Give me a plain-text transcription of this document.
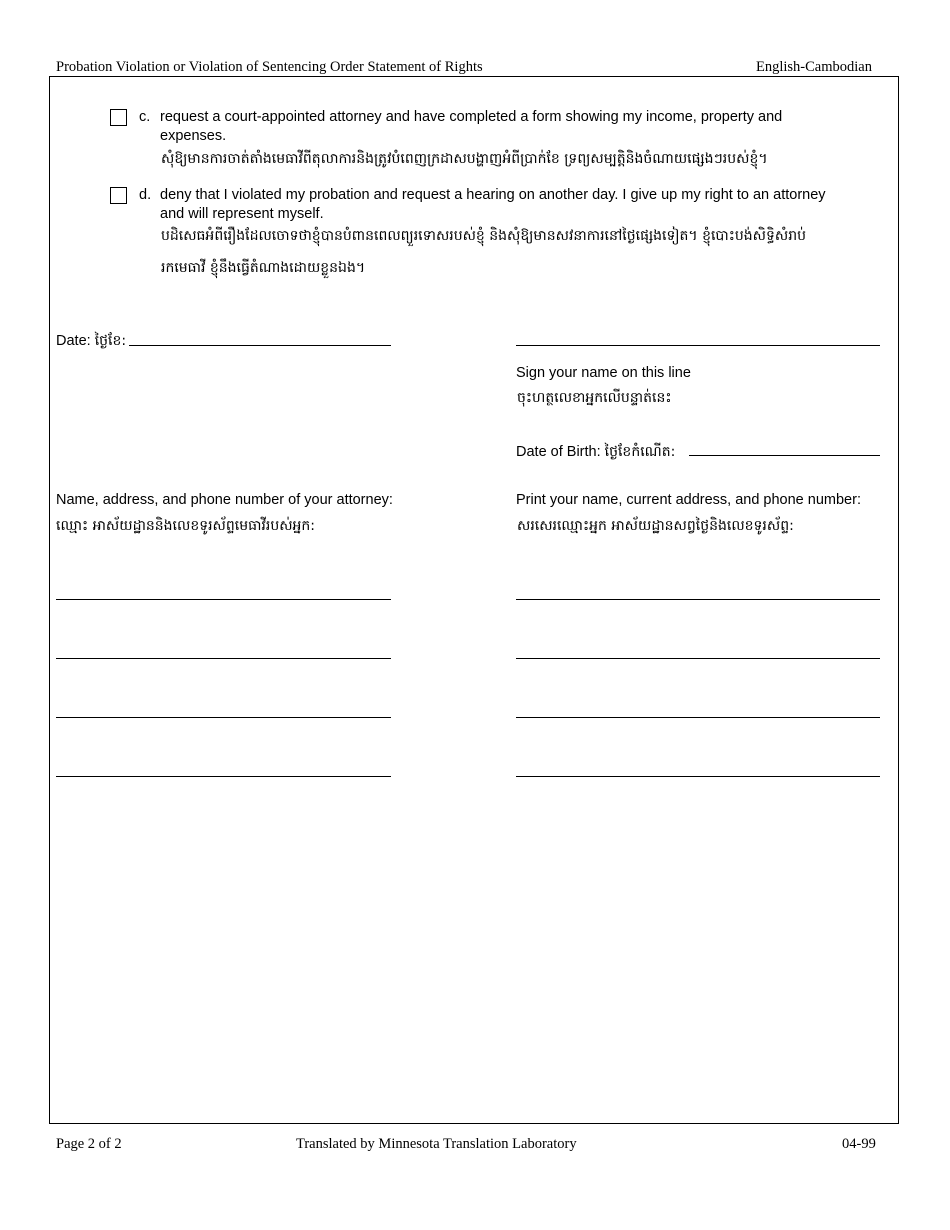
Probation Violation or Violation of Sentencing Order Statement of Rights	English-Cambodian
c. request a court-appointed attorney and have completed a form showing my income, property and
expenses.
សុំឱ្យមានការចាត់តាំងមេធាវីពីតុលាការនិងត្រូវបំពេញក្រដាសបង្ហាញអំពីប្រាក់ខែ ទ្រព្យសម្បត្តិនិងចំណាយផ្សេងៗរបស់ខ្ញុំ។
d. deny that I violated my probation and request a hearing on another day. I give up my right to an attorney
and will represent myself.
បដិសេធអំពីរឿងដែលចោទថាខ្ញុំបានបំពានពេលព្យួរទោសរបស់ខ្ញុំ និងសុំឱ្យមានសវនាការនៅថ្ងៃផ្សេងទៀត។ ខ្ញុំបោះបង់សិទ្ធិសំរាប់
រកមេធាវី ខ្ញុំនឹងធ្វើតំណាងដោយខ្លួនឯង។
Date: ថ្ងៃខែ:
Sign your name on this line
ចុះហត្ថលេខាអ្នកលើបន្ទាត់នេះ
Date of Birth: ថ្ងៃខែកំណើត:
Name, address, and phone number of your attorney:
ឈ្មោះ អាស័យដ្ឋាននិងលេខទូរស័ព្ទមេធាវីរបស់អ្នក:
Print your name, current address, and phone number:
សរសេរឈ្មោះអ្នក អាស័យដ្ឋានសព្វថ្ងៃនិងលេខទូរស័ព្ទ:
Page 2 of 2	Translated by Minnesota Translation Laboratory	04-99
